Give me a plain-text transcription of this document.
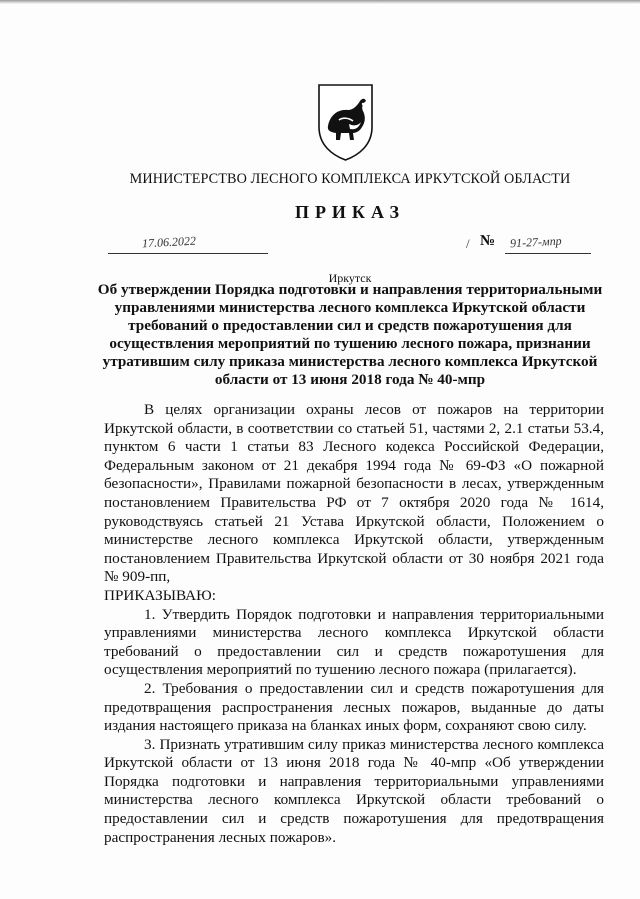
МИНИСТЕРСТВО ЛЕСНОГО КОМПЛЕКСА ИРКУТСКОЙ ОБЛАСТИ
ПРИКАЗ
17.06.2022	/ № 91-27-мпр
Иркутск
Об утверждении Порядка подготовки и направления территориальными управлениями министерства лесного комплекса Иркутской области требований о предоставлении сил и средств пожаротушения для осуществления мероприятий по тушению лесного пожара, признании утратившим силу приказа министерства лесного комплекса Иркутской области от 13 июня 2018 года № 40-мпр

В целях организации охраны лесов от пожаров на территории Иркутской области, в соответствии со статьей 51, частями 2, 2.1 статьи 53.4, пунктом 6 части 1 статьи 83 Лесного кодекса Российской Федерации, Федеральным законом от 21 декабря 1994 года № 69-ФЗ «О пожарной безопасности», Правилами пожарной безопасности в лесах, утвержденным постановлением Правительства РФ от 7 октября 2020 года № 1614, руководствуясь статьей 21 Устава Иркутской области, Положением о министерстве лесного комплекса Иркутской области, утвержденным постановлением Правительства Иркутской области от 30 ноября 2021 года № 909-пп,

ПРИКАЗЫВАЮ:

1. Утвердить Порядок подготовки и направления территориальными управлениями министерства лесного комплекса Иркутской области требований о предоставлении сил и средств пожаротушения для осуществления мероприятий по тушению лесного пожара (прилагается).

2. Требования о предоставлении сил и средств пожаротушения для предотвращения распространения лесных пожаров, выданные до даты издания настоящего приказа на бланках иных форм, сохраняют свою силу.

3. Признать утратившим силу приказ министерства лесного комплекса Иркутской области от 13 июня 2018 года № 40-мпр «Об утверждении Порядка подготовки и направления территориальными управлениями министерства лесного комплекса Иркутской области требований о предоставлении сил и средств пожаротушения для предотвращения распространения лесных пожаров».
